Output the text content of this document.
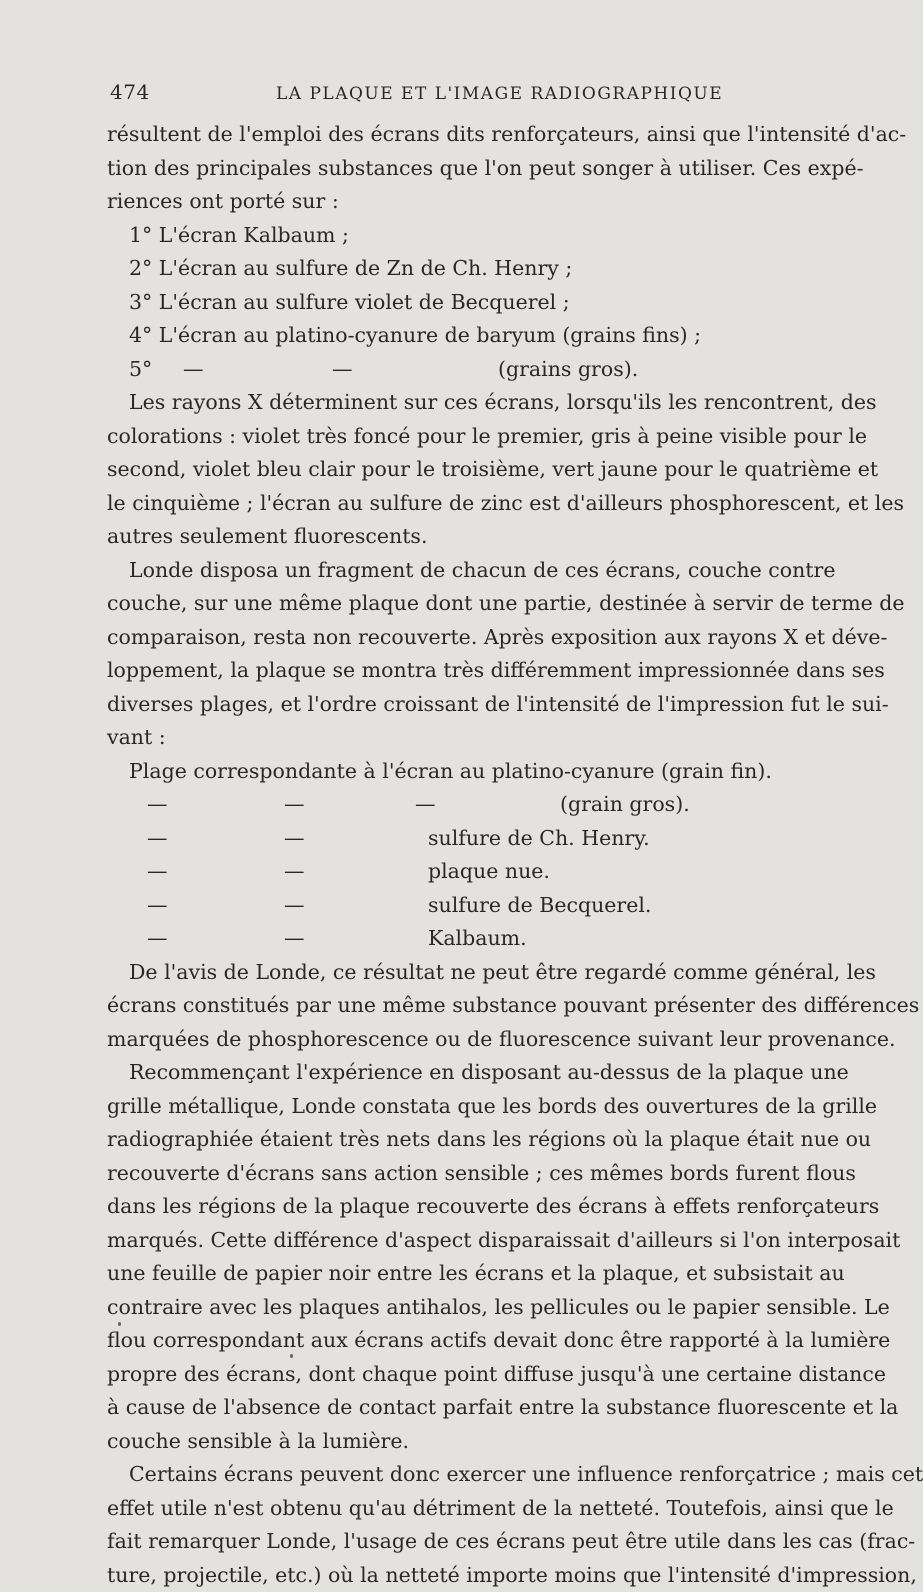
474	LA PLAQUE ET L'IMAGE RADIOGRAPHIQUE
résultent de l'emploi des écrans dits renforçateurs, ainsi que l'intensité d'ac-
tion des principales substances que l'on peut songer à utiliser. Ces expé-
riences ont porté sur :
1° L'écran Kalbaum ;
2° L'écran au sulfure de Zn de Ch. Henry ;
3° L'écran au sulfure violet de Becquerel ;
4° L'écran au platino-cyanure de baryum (grains fins) ;
5° —	—	(grains gros).
Les rayons X déterminent sur ces écrans, lorsqu'ils les rencontrent, des
colorations : violet très foncé pour le premier, gris à peine visible pour le
second, violet bleu clair pour le troisième, vert jaune pour le quatrième et
le cinquième ; l'écran au sulfure de zinc est d'ailleurs phosphorescent, et les
autres seulement fluorescents.
Londe disposa un fragment de chacun de ces écrans, couche contre
couche, sur une même plaque dont une partie, destinée à servir de terme de
comparaison, resta non recouverte. Après exposition aux rayons X et déve-
loppement, la plaque se montra très différemment impressionnée dans ses
diverses plages, et l'ordre croissant de l'intensité de l'impression fut le sui-
vant :
Plage correspondante à l'écran au platino-cyanure (grain fin).
—	—	—	(grain gros).
—	—	sulfure de Ch. Henry.
—	—	plaque nue.
—	—	sulfure de Becquerel.
—	—	Kalbaum.
De l'avis de Londe, ce résultat ne peut être regardé comme général, les
écrans constitués par une même substance pouvant présenter des différences
marquées de phosphorescence ou de fluorescence suivant leur provenance.
Recommençant l'expérience en disposant au-dessus de la plaque une
grille métallique, Londe constata que les bords des ouvertures de la grille
radiographiée étaient très nets dans les régions où la plaque était nue ou
recouverte d'écrans sans action sensible ; ces mêmes bords furent flous
dans les régions de la plaque recouverte des écrans à effets renforçateurs
marqués. Cette différence d'aspect disparaissait d'ailleurs si l'on interposait
une feuille de papier noir entre les écrans et la plaque, et subsistait au
contraire avec les plaques antihalos, les pellicules ou le papier sensible. Le
flou correspondant aux écrans actifs devait donc être rapporté à la lumière
propre des écrans, dont chaque point diffuse jusqu'à une certaine distance
à cause de l'absence de contact parfait entre la substance fluorescente et la
couche sensible à la lumière.
Certains écrans peuvent donc exercer une influence renforçatrice ; mais cet
effet utile n'est obtenu qu'au détriment de la netteté. Toutefois, ainsi que le
fait remarquer Londe, l'usage de ces écrans peut être utile dans les cas (frac-
ture, projectile, etc.) où la netteté importe moins que l'intensité d'impression,
